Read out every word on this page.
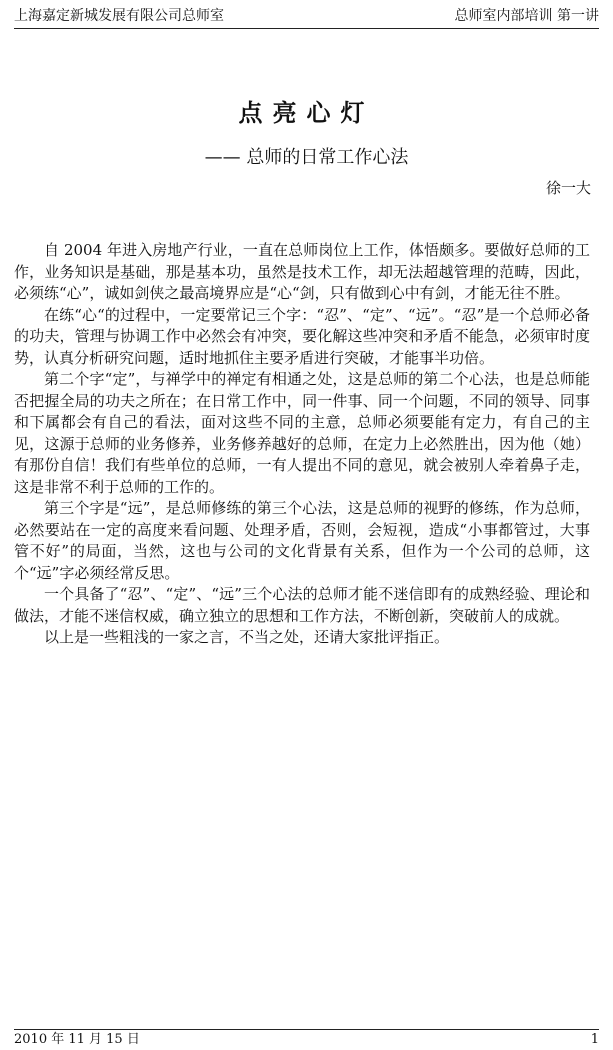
上海嘉定新城发展有限公司总师室	总师室内部培训 第一讲
点亮心灯
—— 总师的日常工作心法
徐一大

自 2004 年进入房地产行业，一直在总师岗位上工作，体悟颇多。要做好总师的工作，业务知识是基础，那是基本功，虽然是技术工作，却无法超越管理的范畴，因此，必须练“心”，诚如剑侠之最高境界应是“心“剑，只有做到心中有剑，才能无往不胜。

在练“心“的过程中，一定要常记三个字：“忍”、“定”、“远”。“忍”是一个总师必备的功夫，管理与协调工作中必然会有冲突，要化解这些冲突和矛盾不能急，必须审时度势，认真分析研究问题，适时地抓住主要矛盾进行突破，才能事半功倍。

第二个字“定”，与禅学中的禅定有相通之处，这是总师的第二个心法，也是总师能否把握全局的功夫之所在；在日常工作中，同一件事、同一个问题，不同的领导、同事和下属都会有自己的看法，面对这些不同的主意，总师必须要能有定力，有自己的主见，这源于总师的业务修养，业务修养越好的总师，在定力上必然胜出，因为他（她）有那份自信！我们有些单位的总师，一有人提出不同的意见，就会被别人牵着鼻子走，这是非常不利于总师的工作的。

第三个字是“远”，是总师修练的第三个心法，这是总师的视野的修练，作为总师，必然要站在一定的高度来看问题、处理矛盾，否则，会短视，造成“小事都管过，大事管不好”的局面，当然，这也与公司的文化背景有关系，但作为一个公司的总师，这个“远”字必须经常反思。

一个具备了“忍”、“定”、“远”三个心法的总师才能不迷信即有的成熟经验、理论和做法，才能不迷信权威，确立独立的思想和工作方法，不断创新，突破前人的成就。

以上是一些粗浅的一家之言，不当之处，还请大家批评指正。

2010 年 11 月 15 日	1
